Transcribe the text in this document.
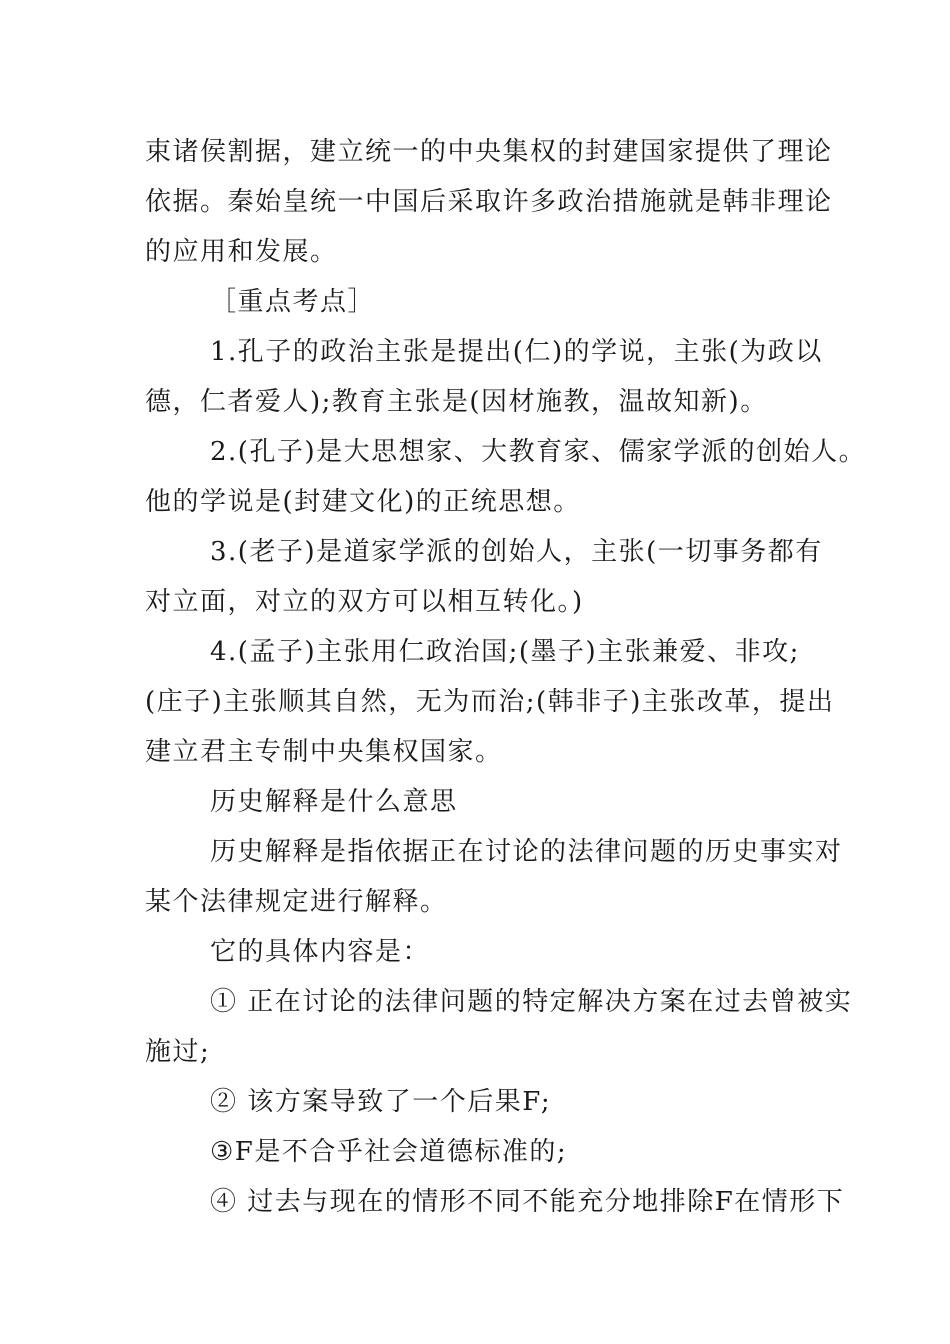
束诸侯割据，建立统一的中央集权的封建国家提供了理论
依据。秦始皇统一中国后采取许多政治措施就是韩非理论
的应用和发展。
［重点考点］
1.孔子的政治主张是提出(仁)的学说，主张(为政以
德，仁者爱人);教育主张是(因材施教，温故知新)。
2.(孔子)是大思想家、大教育家、儒家学派的创始人。
他的学说是(封建文化)的正统思想。
3.(老子)是道家学派的创始人，主张(一切事务都有
对立面，对立的双方可以相互转化。)
4.(孟子)主张用仁政治国;(墨子)主张兼爱、非攻;
(庄子)主张顺其自然，无为而治;(韩非子)主张改革，提出
建立君主专制中央集权国家。
历史解释是什么意思
历史解释是指依据正在讨论的法律问题的历史事实对
某个法律规定进行解释。
它的具体内容是：
① 正在讨论的法律问题的特定解决方案在过去曾被实
施过;
② 该方案导致了一个后果F;
③F是不合乎社会道德标准的;
④ 过去与现在的情形不同不能充分地排除F在情形下
